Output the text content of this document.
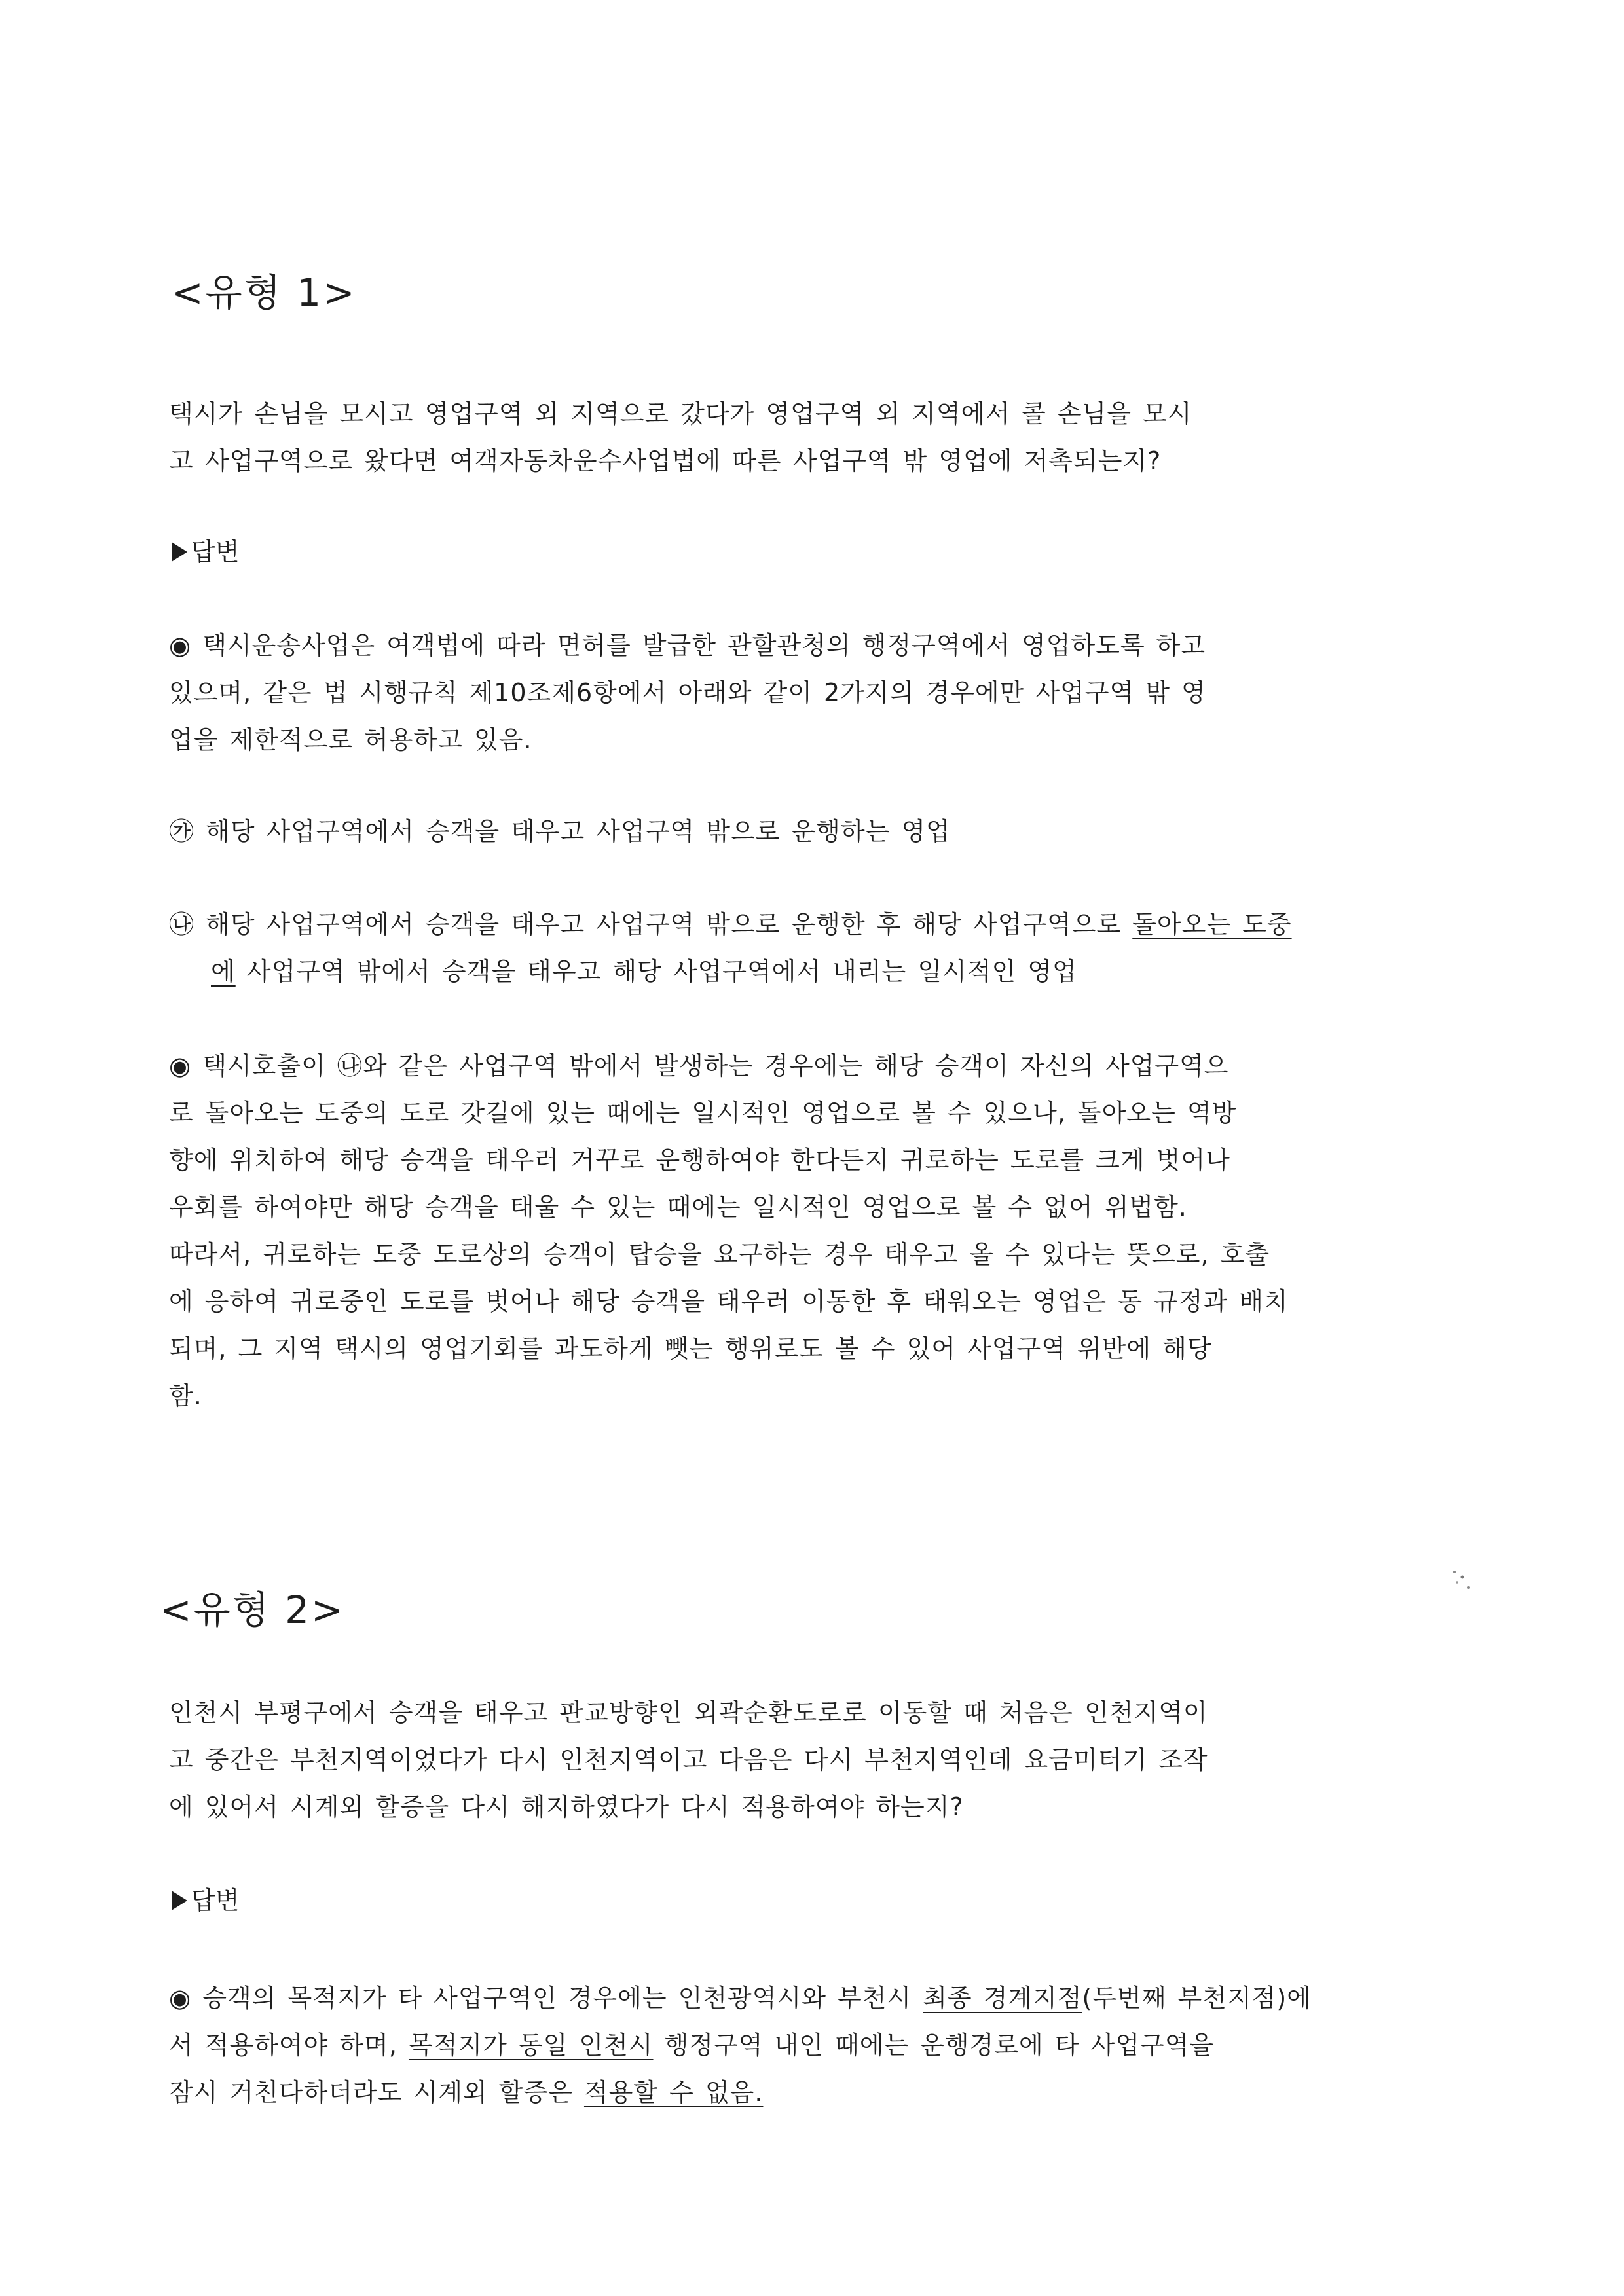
<유형 1>
택시가 손님을 모시고 영업구역 외 지역으로 갔다가 영업구역 외 지역에서 콜 손님을 모시
고 사업구역으로 왔다면 여객자동차운수사업법에 따른 사업구역 밖 영업에 저촉되는지?
답변
◉ 택시운송사업은 여객법에 따라 면허를 발급한 관할관청의 행정구역에서 영업하도록 하고
있으며, 같은 법 시행규칙 제10조제6항에서 아래와 같이 2가지의 경우에만 사업구역 밖 영
업을 제한적으로 허용하고 있음.
㉮ 해당 사업구역에서 승객을 태우고 사업구역 밖으로 운행하는 영업
㉯ 해당 사업구역에서 승객을 태우고 사업구역 밖으로 운행한 후 해당 사업구역으로 돌아오는 도중
에 사업구역 밖에서 승객을 태우고 해당 사업구역에서 내리는 일시적인 영업
◉ 택시호출이 ㉯와 같은 사업구역 밖에서 발생하는 경우에는 해당 승객이 자신의 사업구역으
로 돌아오는 도중의 도로 갓길에 있는 때에는 일시적인 영업으로 볼 수 있으나, 돌아오는 역방
향에 위치하여 해당 승객을 태우러 거꾸로 운행하여야 한다든지 귀로하는 도로를 크게 벗어나
우회를 하여야만 해당 승객을 태울 수 있는 때에는 일시적인 영업으로 볼 수 없어 위법함.
따라서, 귀로하는 도중 도로상의 승객이 탑승을 요구하는 경우 태우고 올 수 있다는 뜻으로, 호출
에 응하여 귀로중인 도로를 벗어나 해당 승객을 태우러 이동한 후 태워오는 영업은 동 규정과 배치
되며, 그 지역 택시의 영업기회를 과도하게 뺏는 행위로도 볼 수 있어 사업구역 위반에 해당
함.
<유형 2>
인천시 부평구에서 승객을 태우고 판교방향인 외곽순환도로로 이동할 때 처음은 인천지역이
고 중간은 부천지역이었다가 다시 인천지역이고 다음은 다시 부천지역인데 요금미터기 조작
에 있어서 시계외 할증을 다시 해지하였다가 다시 적용하여야 하는지?
답변
◉ 승객의 목적지가 타 사업구역인 경우에는 인천광역시와 부천시 최종 경계지점(두번째 부천지점)에
서 적용하여야 하며, 목적지가 동일 인천시 행정구역 내인 때에는 운행경로에 타 사업구역을
잠시 거친다하더라도 시계외 할증은 적용할 수 없음.
